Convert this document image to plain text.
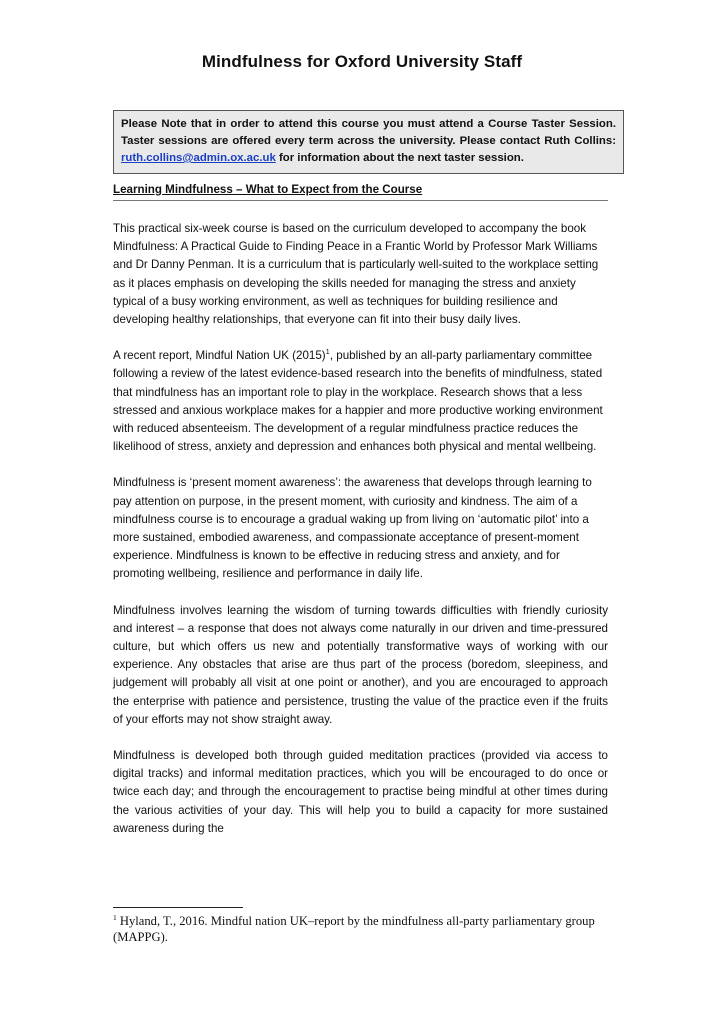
Mindfulness for Oxford University Staff
Please Note that in order to attend this course you must attend a Course Taster Session. Taster sessions are offered every term across the university. Please contact Ruth Collins: ruth.collins@admin.ox.ac.uk for information about the next taster session.
Learning Mindfulness – What to Expect from the Course

This practical six-week course is based on the curriculum developed to accompany the book Mindfulness: A Practical Guide to Finding Peace in a Frantic World by Professor Mark Williams and Dr Danny Penman. It is a curriculum that is particularly well-suited to the workplace setting as it places emphasis on developing the skills needed for managing the stress and anxiety typical of a busy working environment, as well as techniques for building resilience and developing healthy relationships, that everyone can fit into their busy daily lives.

A recent report, Mindful Nation UK $(2015)^1$, published by an all-party parliamentary committee following a review of the latest evidence-based research into the benefits of mindfulness, stated that mindfulness has an important role to play in the workplace. Research shows that a less stressed and anxious workplace makes for a happier and more productive working environment with reduced absenteeism. The development of a regular mindfulness practice reduces the likelihood of stress, anxiety and depression and enhances both physical and mental wellbeing.

Mindfulness is ‘present moment awareness’: the awareness that develops through learning to pay attention on purpose, in the present moment, with curiosity and kindness. The aim of a mindfulness course is to encourage a gradual waking up from living on ‘automatic pilot’ into a more sustained, embodied awareness, and compassionate acceptance of present-moment experience. Mindfulness is known to be effective in reducing stress and anxiety, and for promoting wellbeing, resilience and performance in daily life.

Mindfulness involves learning the wisdom of turning towards difficulties with friendly curiosity and interest – a response that does not always come naturally in our driven and time-pressured culture, but which offers us new and potentially transformative ways of working with our experience. Any obstacles that arise are thus part of the process (boredom, sleepiness, and judgement will probably all visit at one point or another), and you are encouraged to approach the enterprise with patience and persistence, trusting the value of the practice even if the fruits of your efforts may not show straight away.

Mindfulness is developed both through guided meditation practices (provided via access to digital tracks) and informal meditation practices, which you will be encouraged to do once or twice each day; and through the encouragement to practise being mindful at other times during the various activities of your day. This will help you to build a capacity for more sustained awareness during the

$^1$ Hyland, T., 2016. Mindful nation UK–report by the mindfulness all-party parliamentary group (MAPPG).
